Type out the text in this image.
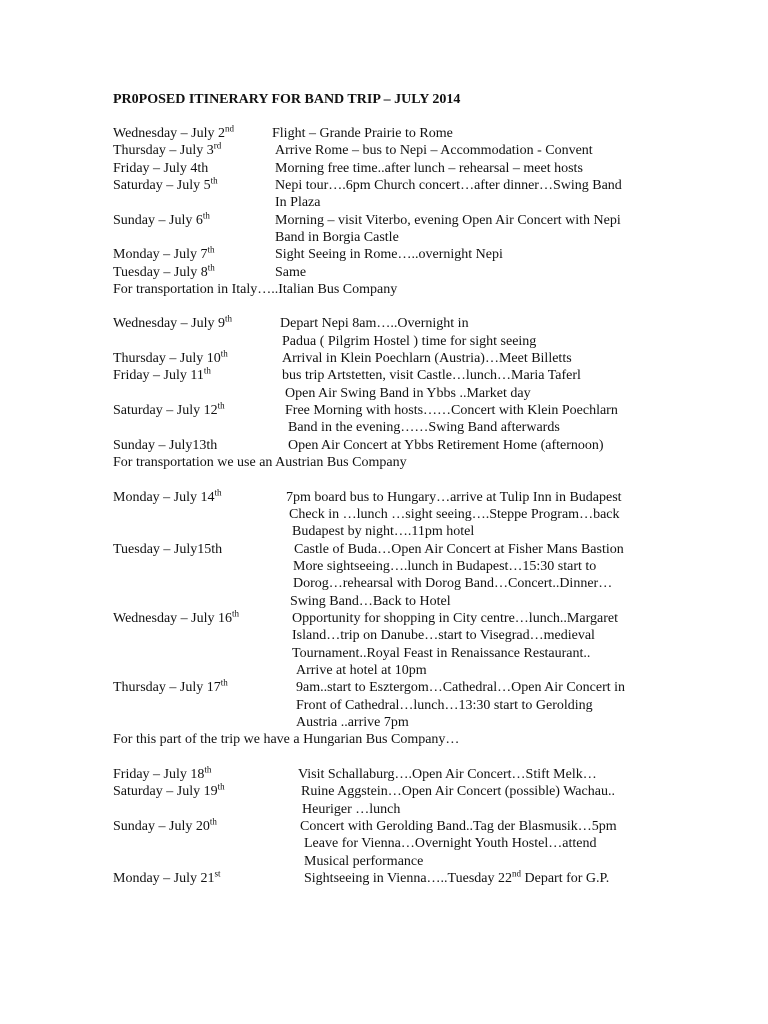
PR0POSED ITINERARY FOR BAND TRIP – JULY 2014
Wednesday – July 2nd	Flight – Grande Prairie to Rome
Thursday – July 3rd	Arrive Rome – bus to Nepi – Accommodation - Convent
Friday – July 4th	Morning free time..after lunch – rehearsal – meet hosts
Saturday – July 5th	Nepi tour….6pm Church concert…after dinner…Swing Band
In Plaza
Sunday – July 6th	Morning – visit Viterbo, evening Open Air Concert with Nepi
Band in Borgia Castle
Monday – July 7th	Sight Seeing in Rome…..overnight Nepi
Tuesday – July 8th	Same
For transportation in Italy…..Italian Bus Company
Wednesday – July 9th	Depart Nepi 8am…..Overnight in
Padua ( Pilgrim Hostel ) time for sight seeing
Thursday – July 10th	Arrival in Klein Poechlarn (Austria)…Meet Billetts
Friday – July 11th	bus trip Artstetten, visit Castle…lunch…Maria Taferl
Open Air Swing Band in Ybbs ..Market day
Saturday – July 12th	Free Morning with hosts……Concert with Klein Poechlarn
Band in the evening……Swing Band afterwards
Sunday – July13th	Open Air Concert at Ybbs Retirement Home (afternoon)
For transportation we use an Austrian Bus Company
Monday – July 14th	7pm board bus to Hungary…arrive at Tulip Inn in Budapest
Check in …lunch …sight seeing….Steppe Program…back
Budapest by night….11pm hotel
Tuesday – July15th	Castle of Buda…Open Air Concert at Fisher Mans Bastion
More sightseeing….lunch in Budapest…15:30 start to
Dorog…rehearsal with Dorog Band…Concert..Dinner…
Swing Band…Back to Hotel
Wednesday – July 16th	Opportunity for shopping in City centre…lunch..Margaret
Island…trip on Danube…start to Visegrad…medieval
Tournament..Royal Feast in Renaissance Restaurant..
Arrive at hotel at 10pm
Thursday – July 17th	9am..start to Esztergom…Cathedral…Open Air Concert in
Front of Cathedral…lunch…13:30 start to Gerolding
Austria ..arrive 7pm
For this part of the trip we have a Hungarian Bus Company…
Friday – July 18th	Visit Schallaburg….Open Air Concert…Stift Melk…
Saturday – July 19th	Ruine Aggstein…Open Air Concert (possible) Wachau..
Heuriger …lunch
Sunday – July 20th	Concert with Gerolding Band..Tag der Blasmusik…5pm
Leave for Vienna…Overnight Youth Hostel…attend
Musical performance
Monday – July 21st	Sightseeing in Vienna…..Tuesday 22nd Depart for G.P.
